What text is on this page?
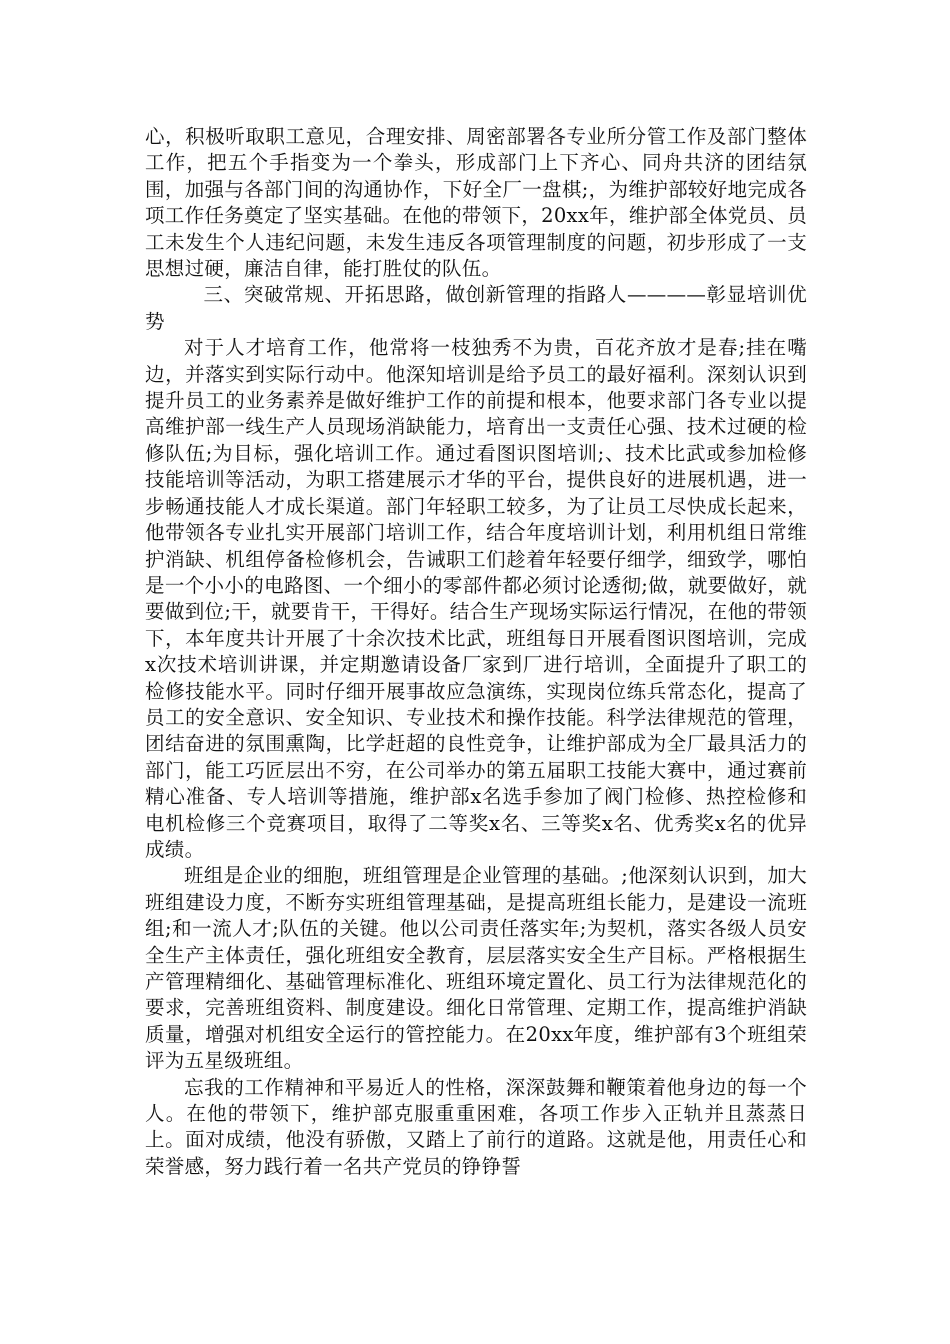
心，积极听取职工意见，合理安排、周密部署各专业所分管工作及部门整体工作，把五个手指变为一个拳头，形成部门上下齐心、同舟共济的团结氛围，加强与各部门间的沟通协作，下好全厂一盘棋;，为维护部较好地完成各项工作任务奠定了坚实基础。在他的带领下，20xx年，维护部全体党员、员工未发生个人违纪问题，未发生违反各项管理制度的问题，初步形成了一支思想过硬，廉洁自律，能打胜仗的队伍。

三、突破常规、开拓思路，做创新管理的指路人————彰显培训优势

对于人才培育工作，他常将一枝独秀不为贵，百花齐放才是春;挂在嘴边，并落实到实际行动中。他深知培训是给予员工的最好福利。深刻认识到提升员工的业务素养是做好维护工作的前提和根本，他要求部门各专业以提高维护部一线生产人员现场消缺能力，培育出一支责任心强、技术过硬的检修队伍;为目标，强化培训工作。通过看图识图培训;、技术比武或参加检修技能培训等活动，为职工搭建展示才华的平台，提供良好的进展机遇，进一步畅通技能人才成长渠道。部门年轻职工较多，为了让员工尽快成长起来，他带领各专业扎实开展部门培训工作，结合年度培训计划，利用机组日常维护消缺、机组停备检修机会，告诫职工们趁着年轻要仔细学，细致学，哪怕是一个小小的电路图、一个细小的零部件都必须讨论透彻;做，就要做好，就要做到位;干，就要肯干，干得好。结合生产现场实际运行情况，在他的带领下，本年度共计开展了十余次技术比武，班组每日开展看图识图培训，完成x次技术培训讲课，并定期邀请设备厂家到厂进行培训，全面提升了职工的检修技能水平。同时仔细开展事故应急演练，实现岗位练兵常态化，提高了员工的安全意识、安全知识、专业技术和操作技能。科学法律规范的管理，团结奋进的氛围熏陶，比学赶超的良性竞争，让维护部成为全厂最具活力的部门，能工巧匠层出不穷，在公司举办的第五届职工技能大赛中，通过赛前精心准备、专人培训等措施，维护部x名选手参加了阀门检修、热控检修和电机检修三个竞赛项目，取得了二等奖x名、三等奖x名、优秀奖x名的优异成绩。

班组是企业的细胞，班组管理是企业管理的基础。;他深刻认识到，加大班组建设力度，不断夯实班组管理基础，是提高班组长能力，是建设一流班组;和一流人才;队伍的关键。他以公司责任落实年;为契机，落实各级人员安全生产主体责任，强化班组安全教育，层层落实安全生产目标。严格根据生产管理精细化、基础管理标准化、班组环境定置化、员工行为法律规范化的要求，完善班组资料、制度建设。细化日常管理、定期工作，提高维护消缺质量，增强对机组安全运行的管控能力。在20xx年度，维护部有3个班组荣评为五星级班组。

忘我的工作精神和平易近人的性格，深深鼓舞和鞭策着他身边的每一个人。在他的带领下，维护部克服重重困难，各项工作步入正轨并且蒸蒸日上。面对成绩，他没有骄傲，又踏上了前行的道路。这就是他，用责任心和荣誉感，努力践行着一名共产党员的铮铮誓
